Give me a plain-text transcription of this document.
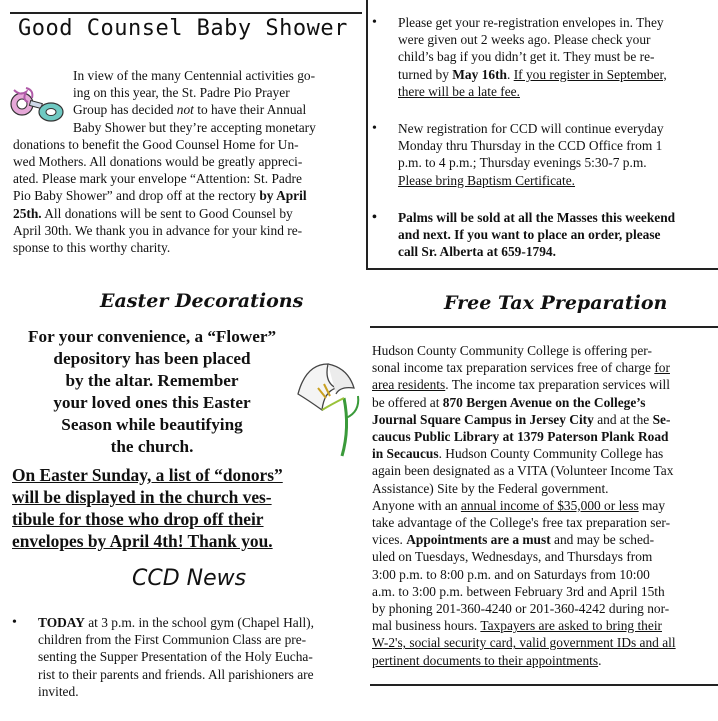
Good Counsel Baby Shower
In view of the many Centennial activities go-
ing on this year, the St. Padre Pio Prayer
Group has decided not to have their Annual
Baby Shower but they’re accepting monetary
donations to benefit the Good Counsel Home for Un-
wed Mothers. All donations would be greatly appreci-
ated. Please mark your envelope “Attention: St. Padre
Pio Baby Shower” and drop off at the rectory by April
25th. All donations will be sent to Good Counsel by
April 30th. We thank you in advance for your kind re-
sponse to this worthy charity.
Easter Decorations
For your convenience, a “Flower”
depository has been placed
by the altar. Remember
your loved ones this Easter
Season while beautifying
the church.
On Easter Sunday, a list of “donors”
will be displayed in the church ves-
tibule for those who drop off their
envelopes by April 4th! Thank you.
CCD News
• TODAY at 3 p.m. in the school gym (Chapel Hall),
children from the First Communion Class are pre-
senting the Supper Presentation of the Holy Eucha-
rist to their parents and friends. All parishioners are
invited.
• Please get your re-registration envelopes in. They
were given out 2 weeks ago. Please check your
child’s bag if you didn’t get it. They must be re-
turned by May 16th. If you register in September,
there will be a late fee.
• New registration for CCD will continue everyday
Monday thru Thursday in the CCD Office from 1
p.m. to 4 p.m.; Thursday evenings 5:30-7 p.m.
Please bring Baptism Certificate.
• Palms will be sold at all the Masses this weekend
and next. If you want to place an order, please
call Sr. Alberta at 659-1794.
Free Tax Preparation
Hudson County Community College is offering per-
sonal income tax preparation services free of charge for
area residents. The income tax preparation services will
be offered at 870 Bergen Avenue on the College’s
Journal Square Campus in Jersey City and at the Se-
caucus Public Library at 1379 Paterson Plank Road
in Secaucus. Hudson County Community College has
again been designated as a VITA (Volunteer Income Tax
Assistance) Site by the Federal government.
Anyone with an annual income of $35,000 or less may
take advantage of the College's free tax preparation ser-
vices. Appointments are a must and may be sched-
uled on Tuesdays, Wednesdays, and Thursdays from
3:00 p.m. to 8:00 p.m. and on Saturdays from 10:00
a.m. to 3:00 p.m. between February 3rd and April 15th
by phoning 201-360-4240 or 201-360-4242 during nor-
mal business hours. Taxpayers are asked to bring their
W-2's, social security card, valid government IDs and all
pertinent documents to their appointments.
